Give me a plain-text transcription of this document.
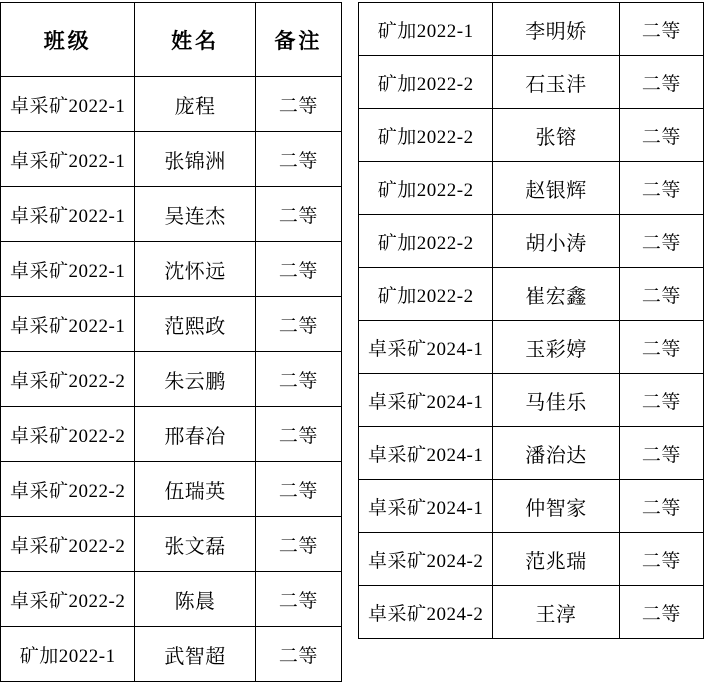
班级	姓名	备注
卓采矿2022-1	庞程	二等
卓采矿2022-1	张锦洲	二等
卓采矿2022-1	吴连杰	二等
卓采矿2022-1	沈怀远	二等
卓采矿2022-1	范熙政	二等
卓采矿2022-2	朱云鹏	二等
卓采矿2022-2	邢春冶	二等
卓采矿2022-2	伍瑞英	二等
卓采矿2022-2	张文磊	二等
卓采矿2022-2	陈晨	二等
矿加2022-1	武智超	二等
矿加2022-1	李明娇	二等
矿加2022-2	石玉沣	二等
矿加2022-2	张镕	二等
矿加2022-2	赵银辉	二等
矿加2022-2	胡小涛	二等
矿加2022-2	崔宏鑫	二等
卓采矿2024-1	玉彩婷	二等
卓采矿2024-1	马佳乐	二等
卓采矿2024-1	潘治达	二等
卓采矿2024-1	仲智家	二等
卓采矿2024-2	范兆瑞	二等
卓采矿2024-2	王淳	二等
